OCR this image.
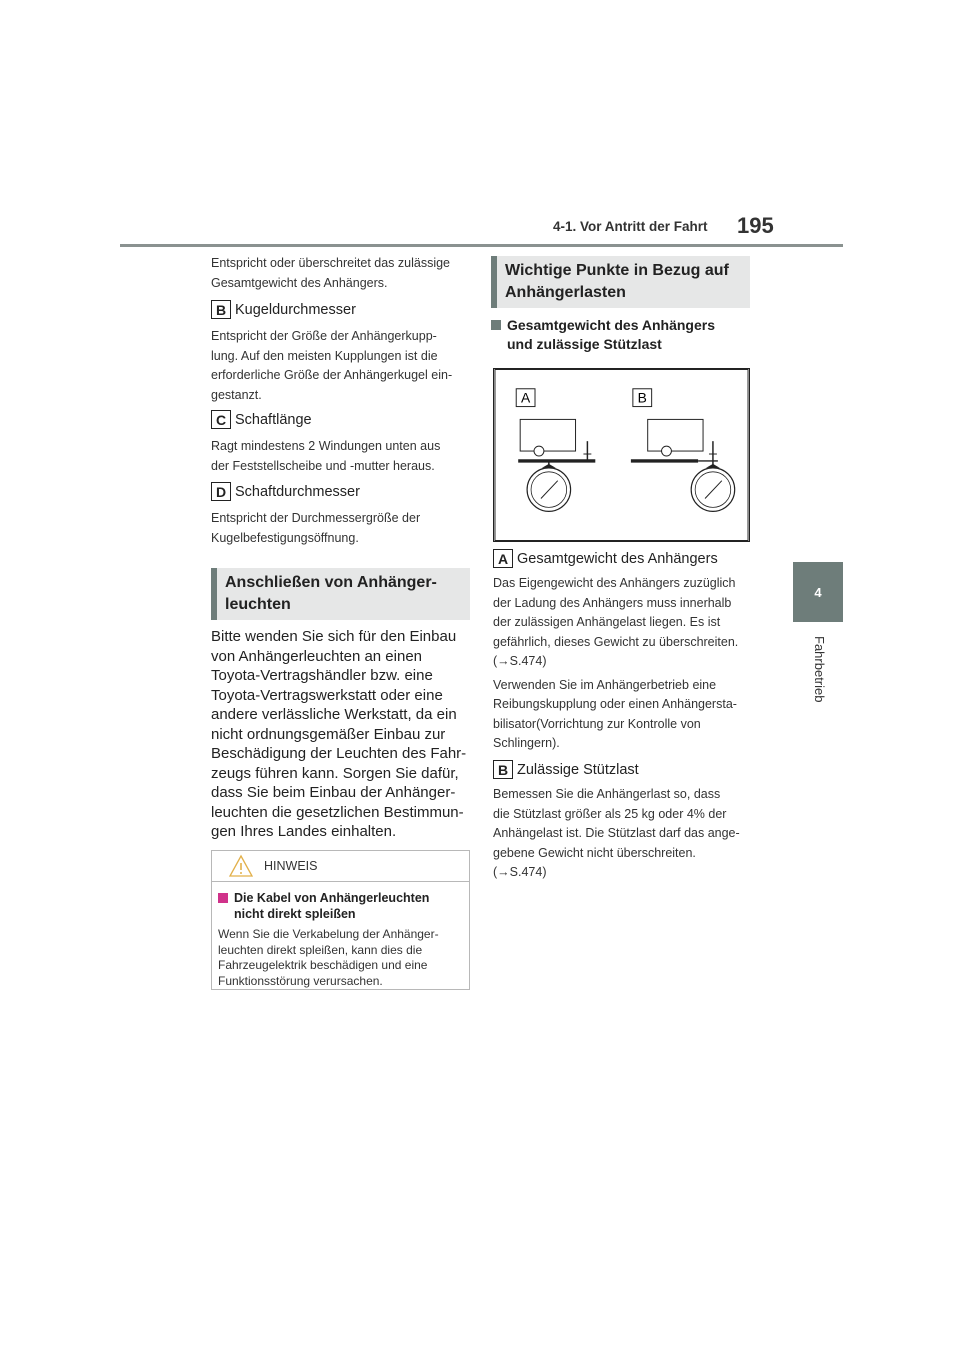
4-1. Vor Antritt der Fahrt 195
4
Fahrbetrieb

Entspricht oder überschreitet das zulässige

Gesamtgewicht des Anhängers.

B Kugeldurchmesser

Entspricht der Größe der Anhängerkupp-

lung. Auf den meisten Kupplungen ist die

erforderliche Größe der Anhängerkugel ein-

gestanzt.

C Schaftlänge

Ragt mindestens 2 Windungen unten aus

der Feststellscheibe und -mutter heraus.

D Schaftdurchmesser

Entspricht der Durchmessergröße der

Kugelbefestigungsöffnung.

Anschließen von Anhänger-
leuchten

Bitte wenden Sie sich für den Einbau

von Anhängerleuchten an einen

Toyota-Vertragshändler bzw. eine

Toyota-Vertragswerkstatt oder eine

andere verlässliche Werkstatt, da ein

nicht ordnungsgemäßer Einbau zur

Beschädigung der Leuchten des Fahr-

zeugs führen kann. Sorgen Sie dafür,

dass Sie beim Einbau der Anhänger-

leuchten die gesetzlichen Bestimmun-

gen Ihres Landes einhalten.

HINWEIS
Die Kabel von Anhängerleuchten
nicht direkt spleißen
Wenn Sie die Verkabelung der Anhänger-
leuchten direkt spleißen, kann dies die
Fahrzeugelektrik beschädigen und eine
Funktionsstörung verursachen.
Wichtige Punkte in Bezug auf
Anhängerlasten
Gesamtgewicht des Anhängers
und zulässige Stützlast
A	B
A Gesamtgewicht des Anhängers

Das Eigengewicht des Anhängers zuzüglich

der Ladung des Anhängers muss innerhalb

der zulässigen Anhängelast liegen. Es ist

gefährlich, dieses Gewicht zu überschreiten.

(→S.474)

Verwenden Sie im Anhängerbetrieb eine

Reibungskupplung oder einen Anhängersta-

bilisator(Vorrichtung zur Kontrolle von

Schlingern).

B Zulässige Stützlast

Bemessen Sie die Anhängerlast so, dass

die Stützlast größer als 25 kg oder 4% der

Anhängelast ist. Die Stützlast darf das ange-

gebene Gewicht nicht überschreiten.

(→S.474)
